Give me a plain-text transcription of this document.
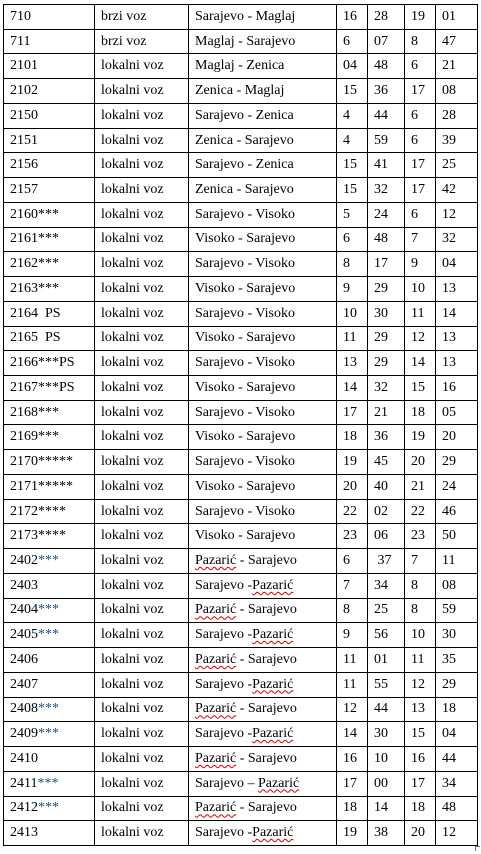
710	brzi voz	Sarajevo - Maglaj	16	28	19	01
711	brzi voz	Maglaj - Sarajevo	6	07	8	47
2101	lokalni voz	Maglaj - Zenica	04	48	6	21
2102	lokalni voz	Zenica - Maglaj	15	36	17	08
2150	lokalni voz	Sarajevo - Zenica	4	44	6	28
2151	lokalni voz	Zenica - Sarajevo	4	59	6	39
2156	lokalni voz	Sarajevo - Zenica	15	41	17	25
2157	lokalni voz	Zenica - Sarajevo	15	32	17	42
2160***	lokalni voz	Sarajevo - Visoko	5	24	6	12
2161***	lokalni voz	Visoko - Sarajevo	6	48	7	32
2162***	lokalni voz	Sarajevo - Visoko	8	17	9	04
2163***	lokalni voz	Visoko - Sarajevo	9	29	10	13
2164  PS	lokalni voz	Sarajevo - Visoko	10	30	11	14
2165  PS	lokalni voz	Visoko - Sarajevo	11	29	12	13
2166***PS	lokalni voz	Sarajevo - Visoko	13	29	14	13
2167***PS	lokalni voz	Visoko - Sarajevo	14	32	15	16
2168***	lokalni voz	Sarajevo - Visoko	17	21	18	05
2169***	lokalni voz	Visoko - Sarajevo	18	36	19	20
2170*****	lokalni voz	Sarajevo - Visoko	19	45	20	29
2171*****	lokalni voz	Visoko - Sarajevo	20	40	21	24
2172****	lokalni voz	Sarajevo - Visoko	22	02	22	46
2173****	lokalni voz	Visoko - Sarajevo	23	06	23	50
2402***	lokalni voz	Pazarić - Sarajevo	6	37	7	11
2403	lokalni voz	Sarajevo -Pazarić	7	34	8	08
2404***	lokalni voz	Pazarić - Sarajevo	8	25	8	59
2405***	lokalni voz	Sarajevo -Pazarić	9	56	10	30
2406	lokalni voz	Pazarić - Sarajevo	11	01	11	35
2407	lokalni voz	Sarajevo -Pazarić	11	55	12	29
2408***	lokalni voz	Pazarić - Sarajevo	12	44	13	18
2409***	lokalni voz	Sarajevo -Pazarić	14	30	15	04
2410	lokalni voz	Pazarić - Sarajevo	16	10	16	44
2411***	lokalni voz	Sarajevo – Pazarić	17	00	17	34
2412***	lokalni voz	Pazarić - Sarajevo	18	14	18	48
2413	lokalni voz	Sarajevo -Pazarić	19	38	20	12
